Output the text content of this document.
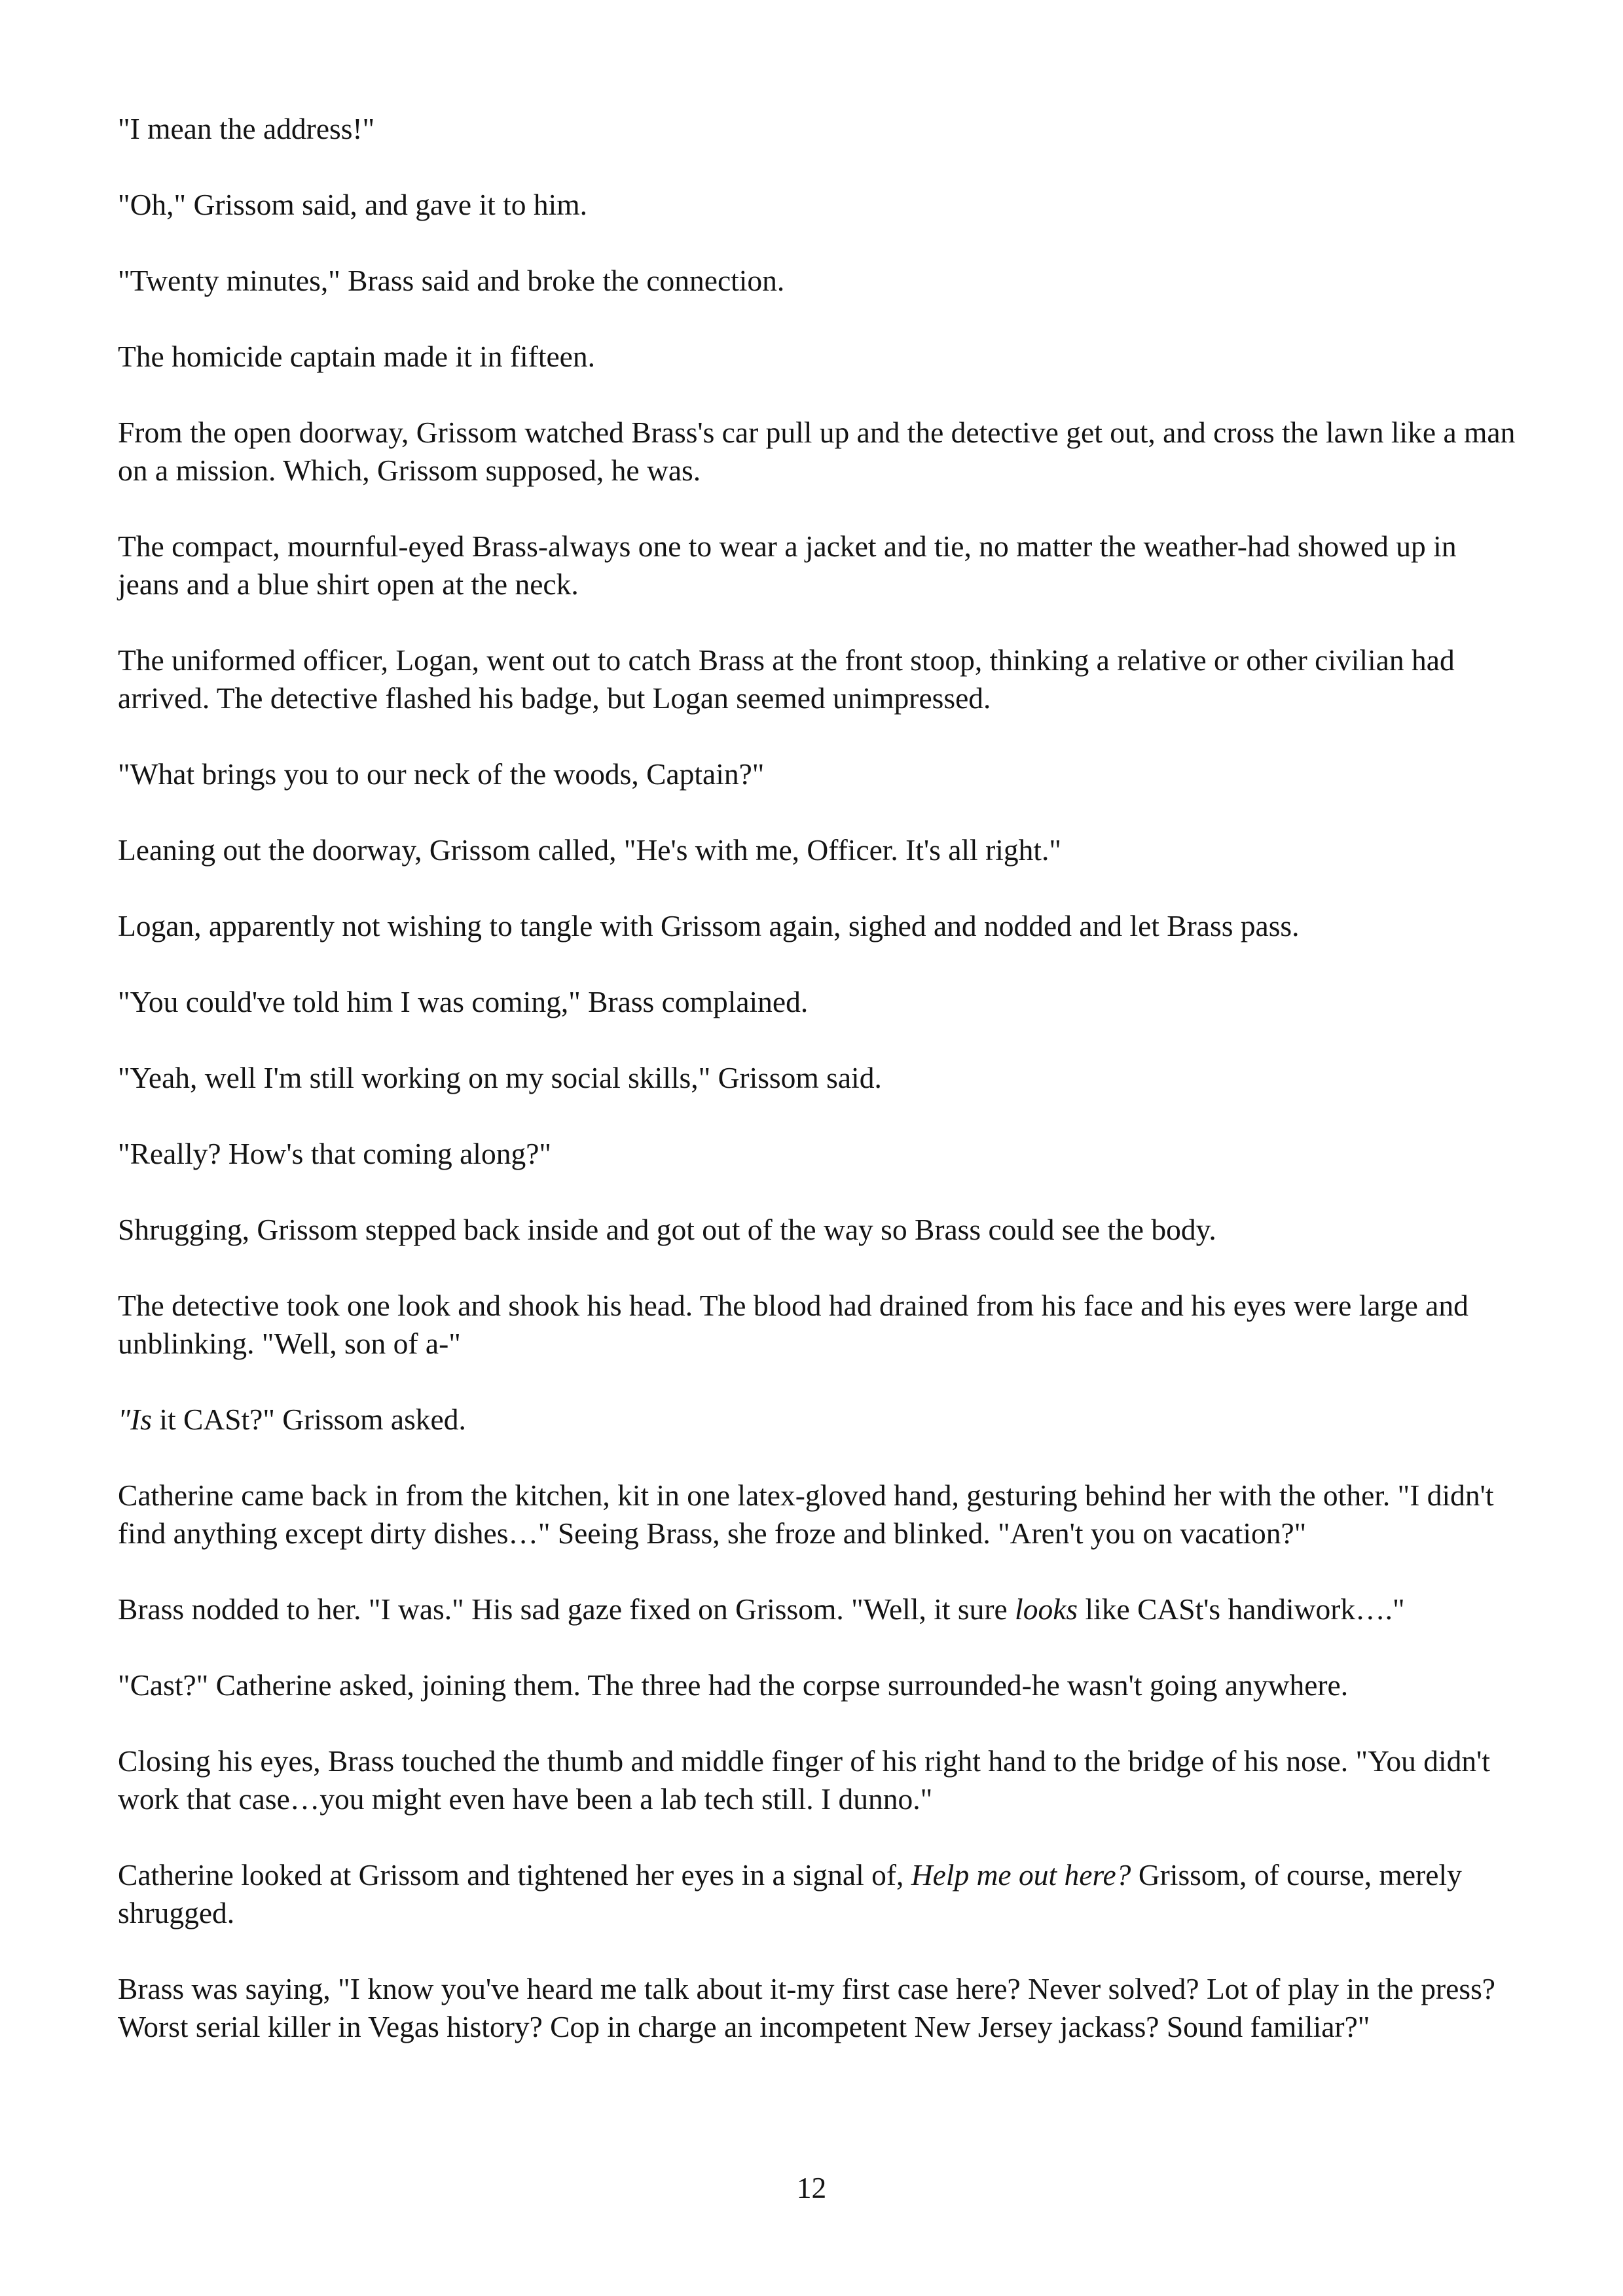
"I mean the address!"

"Oh," Grissom said, and gave it to him.

"Twenty minutes," Brass said and broke the connection.

The homicide captain made it in fifteen.

From the open doorway, Grissom watched Brass's car pull up and the detective get out, and cross the lawn like a man on a mission. Which, Grissom supposed, he was.

The compact, mournful-eyed Brass-always one to wear a jacket and tie, no matter the weather-had showed up in jeans and a blue shirt open at the neck.

The uniformed officer, Logan, went out to catch Brass at the front stoop, thinking a relative or other civilian had arrived. The detective flashed his badge, but Logan seemed unimpressed.

"What brings you to our neck of the woods, Captain?"

Leaning out the doorway, Grissom called, "He's with me, Officer. It's all right."

Logan, apparently not wishing to tangle with Grissom again, sighed and nodded and let Brass pass.

"You could've told him I was coming," Brass complained.

"Yeah, well I'm still working on my social skills," Grissom said.

"Really? How's that coming along?"

Shrugging, Grissom stepped back inside and got out of the way so Brass could see the body.

The detective took one look and shook his head. The blood had drained from his face and his eyes were large and unblinking. "Well, son of a-"

"Is it CASt?" Grissom asked.

Catherine came back in from the kitchen, kit in one latex-gloved hand, gesturing behind her with the other. "I didn't find anything except dirty dishes…" Seeing Brass, she froze and blinked. "Aren't you on vacation?"

Brass nodded to her. "I was." His sad gaze fixed on Grissom. "Well, it sure looks like CASt's handiwork…."

"Cast?" Catherine asked, joining them. The three had the corpse surrounded-he wasn't going anywhere.

Closing his eyes, Brass touched the thumb and middle finger of his right hand to the bridge of his nose. "You didn't work that case…you might even have been a lab tech still. I dunno."

Catherine looked at Grissom and tightened her eyes in a signal of, Help me out here? Grissom, of course, merely shrugged.

Brass was saying, "I know you've heard me talk about it-my first case here? Never solved? Lot of play in the press? Worst serial killer in Vegas history? Cop in charge an incompetent New Jersey jackass? Sound familiar?"

12
